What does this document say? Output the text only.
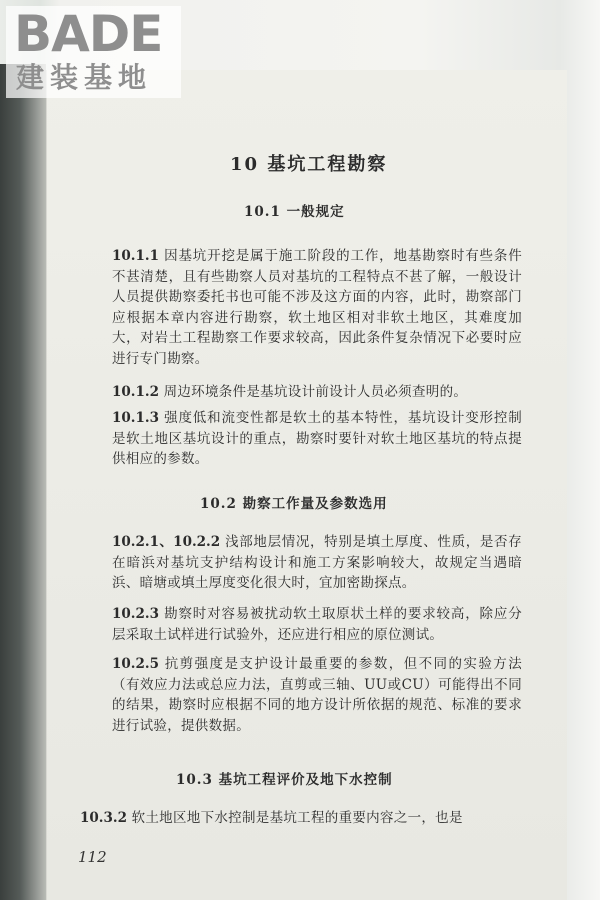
BADE
建装基地
10 基坑工程勘察
10.1 一般规定
10.1.1 因基坑开挖是属于施工阶段的工作，地基勘察时有些条件不甚清楚，且有些勘察人员对基坑的工程特点不甚了解，一般设计人员提供勘察委托书也可能不涉及这方面的内容，此时，勘察部门应根据本章内容进行勘察，软土地区相对非软土地区，其难度加大，对岩土工程勘察工作要求较高，因此条件复杂情况下必要时应进行专门勘察。
10.1.2 周边环境条件是基坑设计前设计人员必须查明的。
10.1.3 强度低和流变性都是软土的基本特性，基坑设计变形控制是软土地区基坑设计的重点，勘察时要针对软土地区基坑的特点提供相应的参数。
10.2 勘察工作量及参数选用
10.2.1、10.2.2 浅部地层情况，特别是填土厚度、性质，是否存在暗浜对基坑支护结构设计和施工方案影响较大，故规定当遇暗浜、暗塘或填土厚度变化很大时，宜加密勘探点。
10.2.3 勘察时对容易被扰动软土取原状土样的要求较高，除应分层采取土试样进行试验外，还应进行相应的原位测试。
10.2.5 抗剪强度是支护设计最重要的参数，但不同的实验方法（有效应力法或总应力法，直剪或三轴、UU或CU）可能得出不同的结果，勘察时应根据不同的地方设计所依据的规范、标准的要求进行试验，提供数据。
10.3 基坑工程评价及地下水控制
10.3.2 软土地区地下水控制是基坑工程的重要内容之一，也是
112
